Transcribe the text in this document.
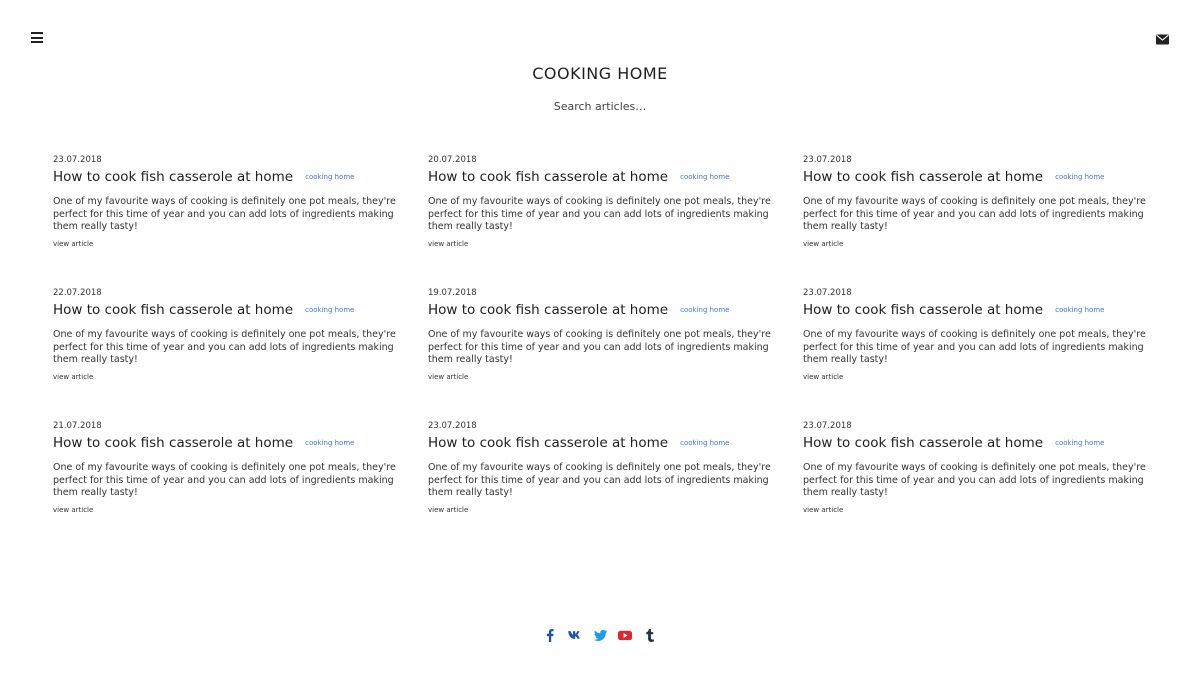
COOKING HOME
Search articles…
23.07.2018
How to cook fish casserole at home cooking home
One of my favourite ways of cooking is definitely one pot meals, they're perfect for this time of year and you can add lots of ingredients making them really tasty!
view article
20.07.2018
How to cook fish casserole at home cooking home
One of my favourite ways of cooking is definitely one pot meals, they're perfect for this time of year and you can add lots of ingredients making them really tasty!
view article
23.07.2018
How to cook fish casserole at home cooking home
One of my favourite ways of cooking is definitely one pot meals, they're perfect for this time of year and you can add lots of ingredients making them really tasty!
view article
22.07.2018
How to cook fish casserole at home cooking home
One of my favourite ways of cooking is definitely one pot meals, they're perfect for this time of year and you can add lots of ingredients making them really tasty!
view article
19.07.2018
How to cook fish casserole at home cooking home
One of my favourite ways of cooking is definitely one pot meals, they're perfect for this time of year and you can add lots of ingredients making them really tasty!
view article
23.07.2018
How to cook fish casserole at home cooking home
One of my favourite ways of cooking is definitely one pot meals, they're perfect for this time of year and you can add lots of ingredients making them really tasty!
view article
21.07.2018
How to cook fish casserole at home cooking home
One of my favourite ways of cooking is definitely one pot meals, they're perfect for this time of year and you can add lots of ingredients making them really tasty!
view article
23.07.2018
How to cook fish casserole at home cooking home
One of my favourite ways of cooking is definitely one pot meals, they're perfect for this time of year and you can add lots of ingredients making them really tasty!
view article
23.07.2018
How to cook fish casserole at home cooking home
One of my favourite ways of cooking is definitely one pot meals, they're perfect for this time of year and you can add lots of ingredients making them really tasty!
view article
